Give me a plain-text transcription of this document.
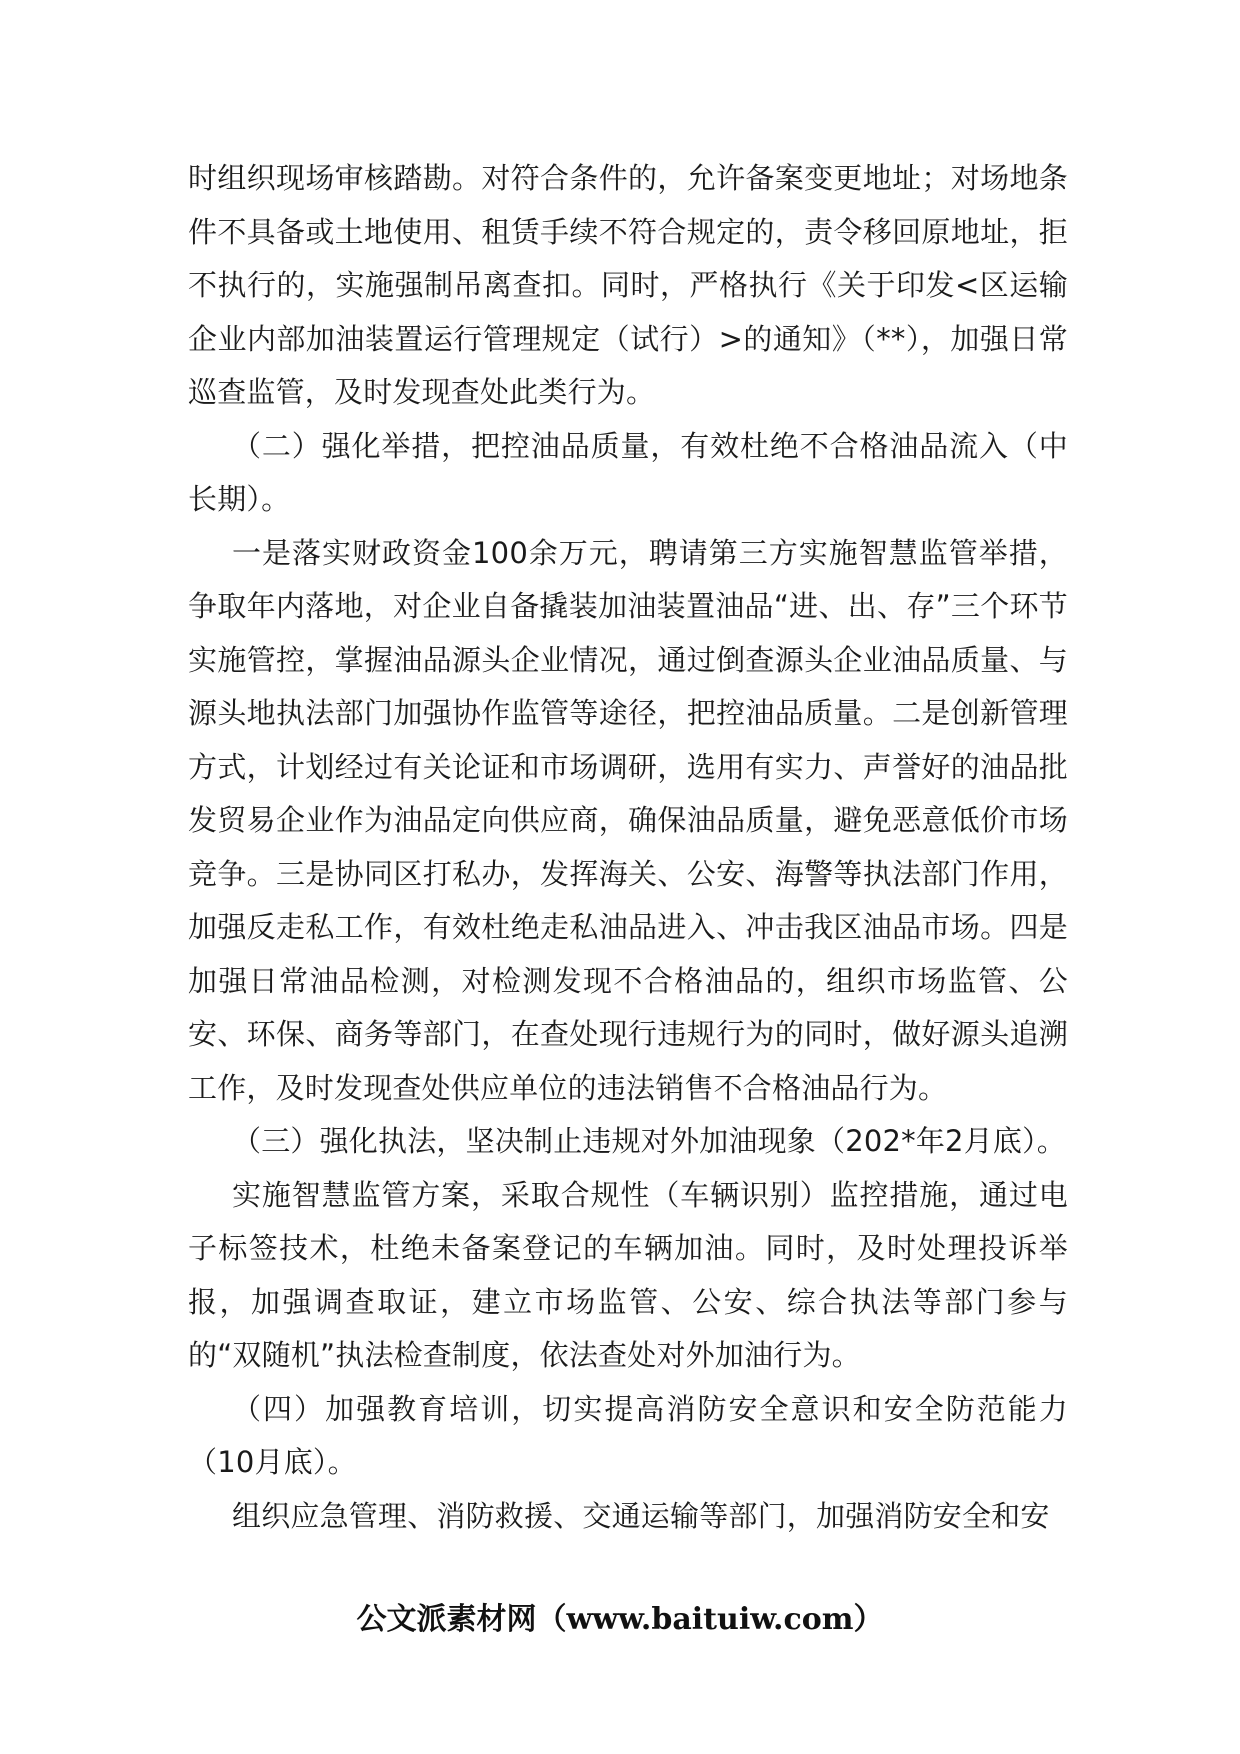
时组织现场审核踏勘。对符合条件的，允许备案变更地址；对场地条件不具备或土地使用、租赁手续不符合规定的，责令移回原地址，拒不执行的，实施强制吊离查扣。同时，严格执行《关于印发<区运输企业内部加油装置运行管理规定（试行）>的通知》（**），加强日常巡查监管，及时发现查处此类行为。

（二）强化举措，把控油品质量，有效杜绝不合格油品流入（中长期）。

一是落实财政资金100余万元，聘请第三方实施智慧监管举措，争取年内落地，对企业自备撬装加油装置油品“进、出、存”三个环节实施管控，掌握油品源头企业情况，通过倒查源头企业油品质量、与源头地执法部门加强协作监管等途径，把控油品质量。二是创新管理方式，计划经过有关论证和市场调研，选用有实力、声誉好的油品批发贸易企业作为油品定向供应商，确保油品质量，避免恶意低价市场竞争。三是协同区打私办，发挥海关、公安、海警等执法部门作用，加强反走私工作，有效杜绝走私油品进入、冲击我区油品市场。四是加强日常油品检测，对检测发现不合格油品的，组织市场监管、公安、环保、商务等部门，在查处现行违规行为的同时，做好源头追溯工作，及时发现查处供应单位的违法销售不合格油品行为。

（三）强化执法，坚决制止违规对外加油现象（202*年2月底）。

实施智慧监管方案，采取合规性（车辆识别）监控措施，通过电子标签技术，杜绝未备案登记的车辆加油。同时，及时处理投诉举报，加强调查取证，建立市场监管、公安、综合执法等部门参与的“双随机”执法检查制度，依法查处对外加油行为。

（四）加强教育培训，切实提高消防安全意识和安全防范能力（10月底）。

组织应急管理、消防救援、交通运输等部门，加强消防安全和安

公文派素材网（www.baituiw.com）
